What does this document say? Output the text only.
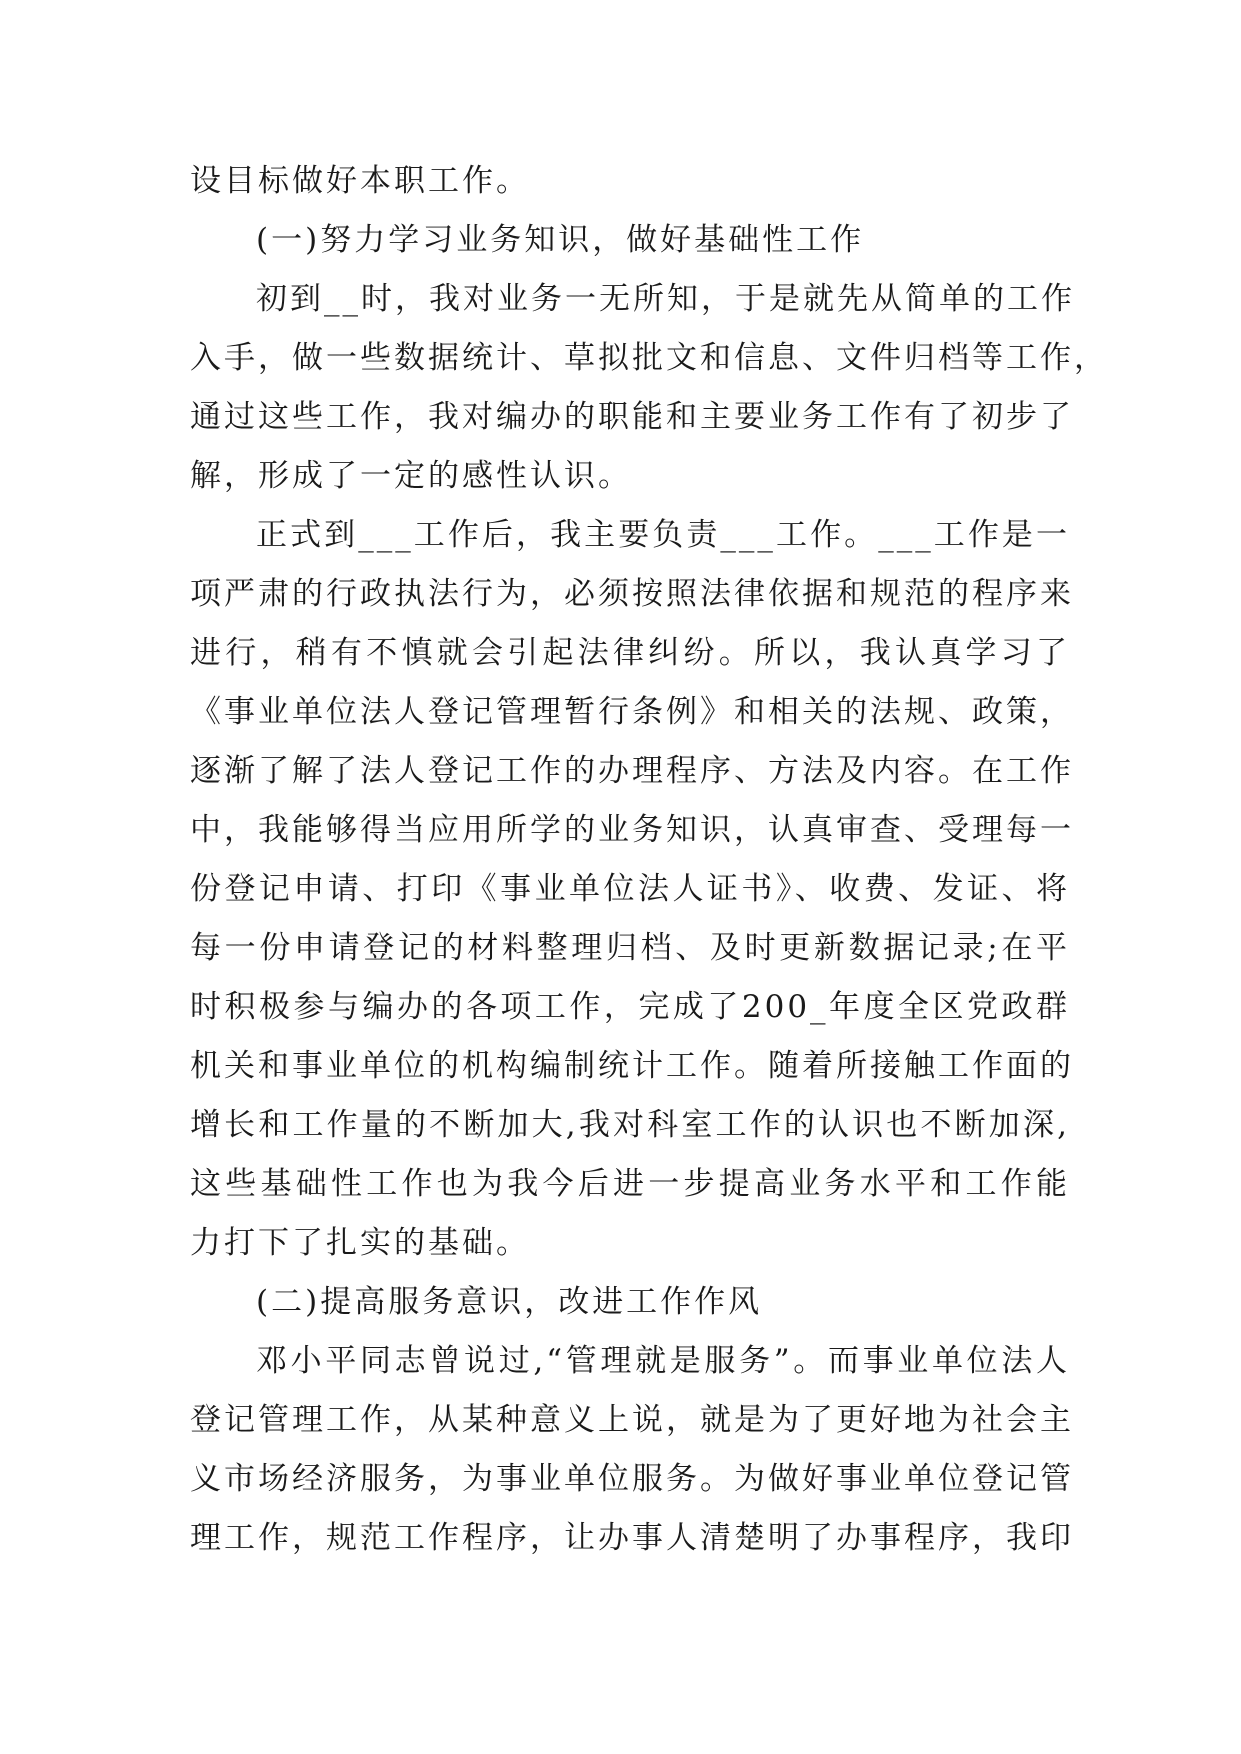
设目标做好本职工作。
(一)努力学习业务知识，做好基础性工作
初到__时，我对业务一无所知，于是就先从简单的工作
入手，做一些数据统计、草拟批文和信息、文件归档等工作，
通过这些工作，我对编办的职能和主要业务工作有了初步了
解，形成了一定的感性认识。
正式到___工作后，我主要负责___工作。___工作是一
项严肃的行政执法行为，必须按照法律依据和规范的程序来
进行，稍有不慎就会引起法律纠纷。所以，我认真学习了
《事业单位法人登记管理暂行条例》和相关的法规、政策，
逐渐了解了法人登记工作的办理程序、方法及内容。在工作
中，我能够得当应用所学的业务知识，认真审查、受理每一
份登记申请、打印《事业单位法人证书》、收费、发证、将
每一份申请登记的材料整理归档、及时更新数据记录;在平
时积极参与编办的各项工作，完成了200_年度全区党政群
机关和事业单位的机构编制统计工作。随着所接触工作面的
增长和工作量的不断加大,我对科室工作的认识也不断加深,
这些基础性工作也为我今后进一步提高业务水平和工作能
力打下了扎实的基础。
(二)提高服务意识，改进工作作风
邓小平同志曾说过,“管理就是服务”。而事业单位法人
登记管理工作，从某种意义上说，就是为了更好地为社会主
义市场经济服务，为事业单位服务。为做好事业单位登记管
理工作，规范工作程序，让办事人清楚明了办事程序，我印
